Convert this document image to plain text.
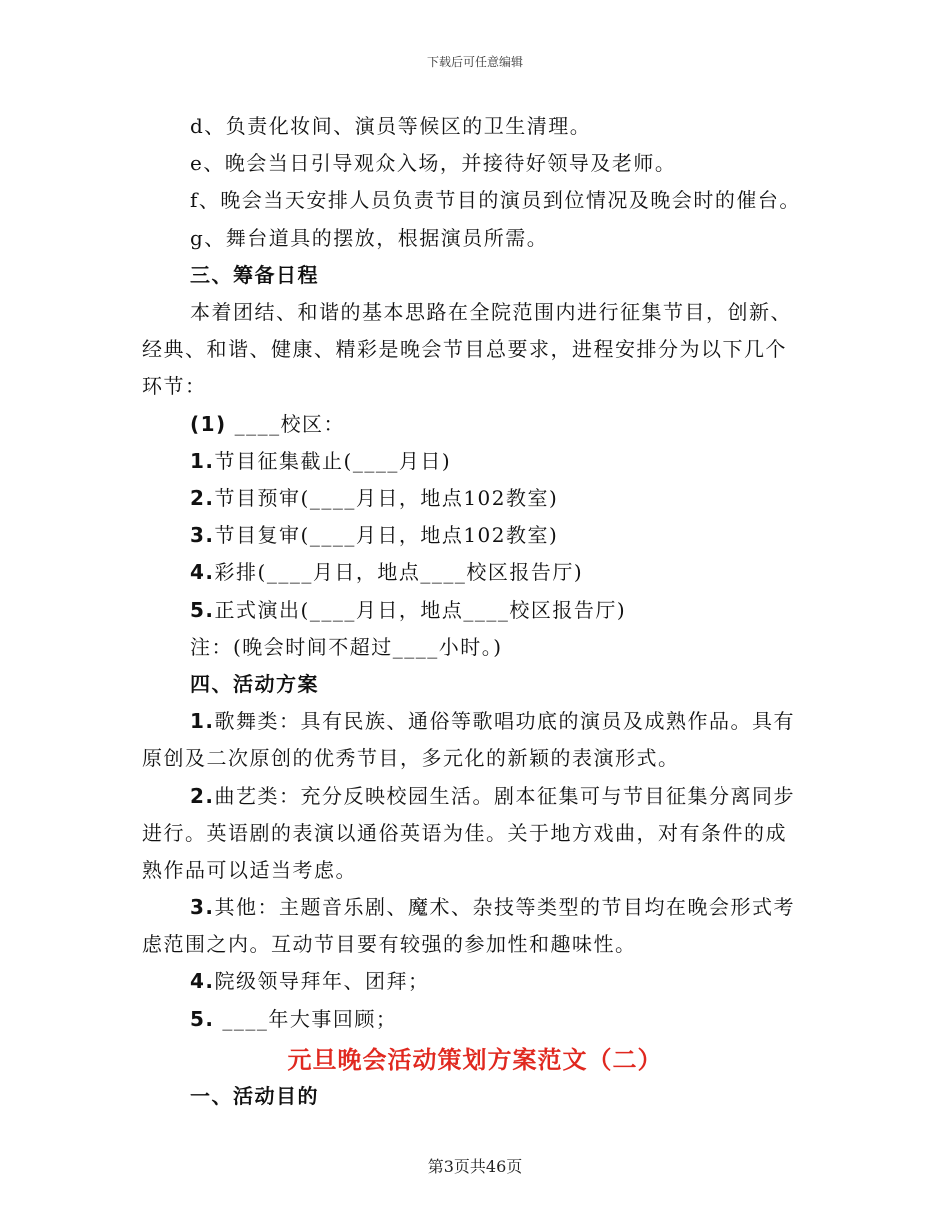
下载后可任意编辑
d、负责化妆间、演员等候区的卫生清理。
e、晚会当日引导观众入场，并接待好领导及老师。
f、晚会当天安排人员负责节目的演员到位情况及晚会时的催台。
g、舞台道具的摆放，根据演员所需。
三、筹备日程
本着团结、和谐的基本思路在全院范围内进行征集节目，创新、
经典、和谐、健康、精彩是晚会节目总要求，进程安排分为以下几个
环节：
(1) ____校区：
1.节目征集截止(____月日)
2.节目预审(____月日，地点102教室)
3.节目复审(____月日，地点102教室)
4.彩排(____月日，地点____校区报告厅)
5.正式演出(____月日，地点____校区报告厅)
注：(晚会时间不超过____小时。)
四、活动方案
1.歌舞类：具有民族、通俗等歌唱功底的演员及成熟作品。具有
原创及二次原创的优秀节目，多元化的新颖的表演形式。
2.曲艺类：充分反映校园生活。剧本征集可与节目征集分离同步
进行。英语剧的表演以通俗英语为佳。关于地方戏曲，对有条件的成
熟作品可以适当考虑。
3.其他：主题音乐剧、魔术、杂技等类型的节目均在晚会形式考
虑范围之内。互动节目要有较强的参加性和趣味性。
4.院级领导拜年、团拜；
5. ____年大事回顾；
元旦晚会活动策划方案范文（二）
一、活动目的
第3页共46页
